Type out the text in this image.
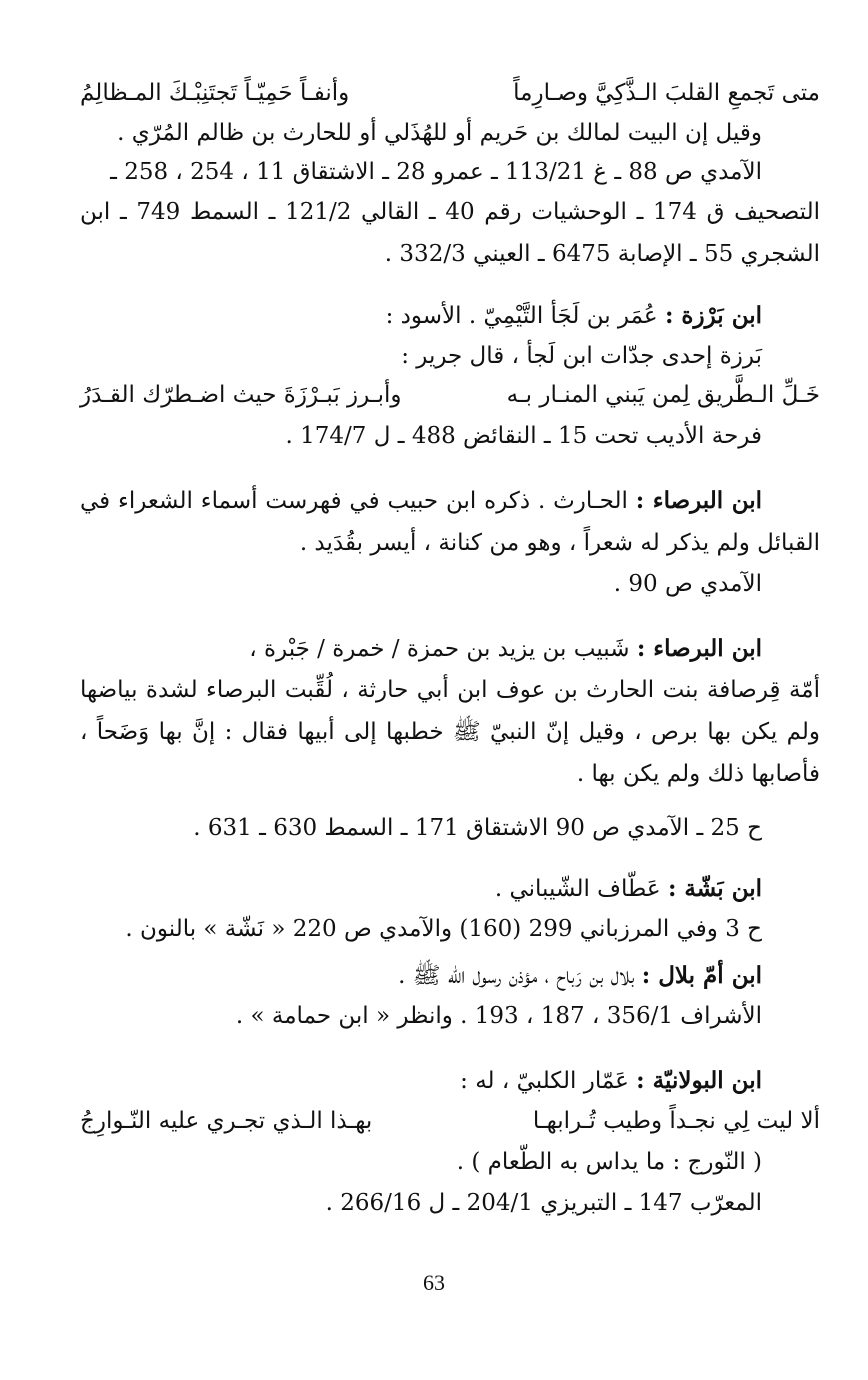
متى تَجمعِ القلبَ الـذَّكِيَّ وصـارِماً
وأنفـاً حَمِيّـاً تَجتَنِبْـكَ المـظالِمُ
وقيل إن البيت لمالك بن حَريم أو للهُذَلي أو للحارث بن ظالم المُرّي .
الآمدي ص 88 ـ غ 113/21 ـ عمرو 28 ـ الاشتقاق 11 ، 254 ، 258 ـ
التصحيف ق 174 ـ الوحشيات رقم 40 ـ القالي 121/2 ـ السمط 749 ـ ابن
الشجري 55 ـ الإصابة 6475 ـ العيني 332/3 .
ابن بَرْزة : عُمَر بن لَجَأ التَّيْمِيّ . الأسود :
بَرزة إحدى جدّات ابن لَجأ ، قال جرير :
خَـلِّ الـطَّريق لِمن يَبني المنـار بـه
وأبـرز بَبـرْزَةَ حيث اضـطرّك القـدَرُ
فرحة الأديب تحت 15 ـ النقائض 488 ـ ل 174/7 .
ابن البرصاء : الحـارث . ذكره ابن حبيب في فهرست أسماء الشعراء في
القبائل ولم يذكر له شعراً ، وهو من كنانة ، أيسر بقُدَيد .
الآمدي ص 90 .
ابن البرصاء : شَبيب بن يزيد بن حمزة / خمرة / جَبْرة ،
أمّة قِرصافة بنت الحارث بن عوف ابن أبي حارثة ، لُقِّبت البرصاء لشدة بياضها
ولم يكن بها برص ، وقيل إنّ النبيّ ﷺ خطبها إلى أبيها فقال : إنَّ بها وَضَحاً ،
فأصابها ذلك ولم يكن بها .
ح 25 ـ الآمدي ص 90 الاشتقاق 171 ـ السمط 630 ـ 631 .
ابن بَشّة : عَطّاف الشّيباني .
ح 3 وفي المرزباني 299 (160) والآمدي ص 220 « نَشّة » بالنون .
ابن أمّ بلال : بلال بن رَباح ، مؤذن رسول الله ﷺ .
الأشراف 356/1 ، 187 ، 193 . وانظر « ابن حمامة » .
ابن البولانيّة : عَمّار الكلبيّ ، له :
ألا ليت لِي نجـداً وطيب تُـرابهـا
بهـذا الـذي تجـري عليه النّـوارِجُ
( النّورج : ما يداس به الطّعام ) .
المعرّب 147 ـ التبريزي 204/1 ـ ل 266/16 .
63
